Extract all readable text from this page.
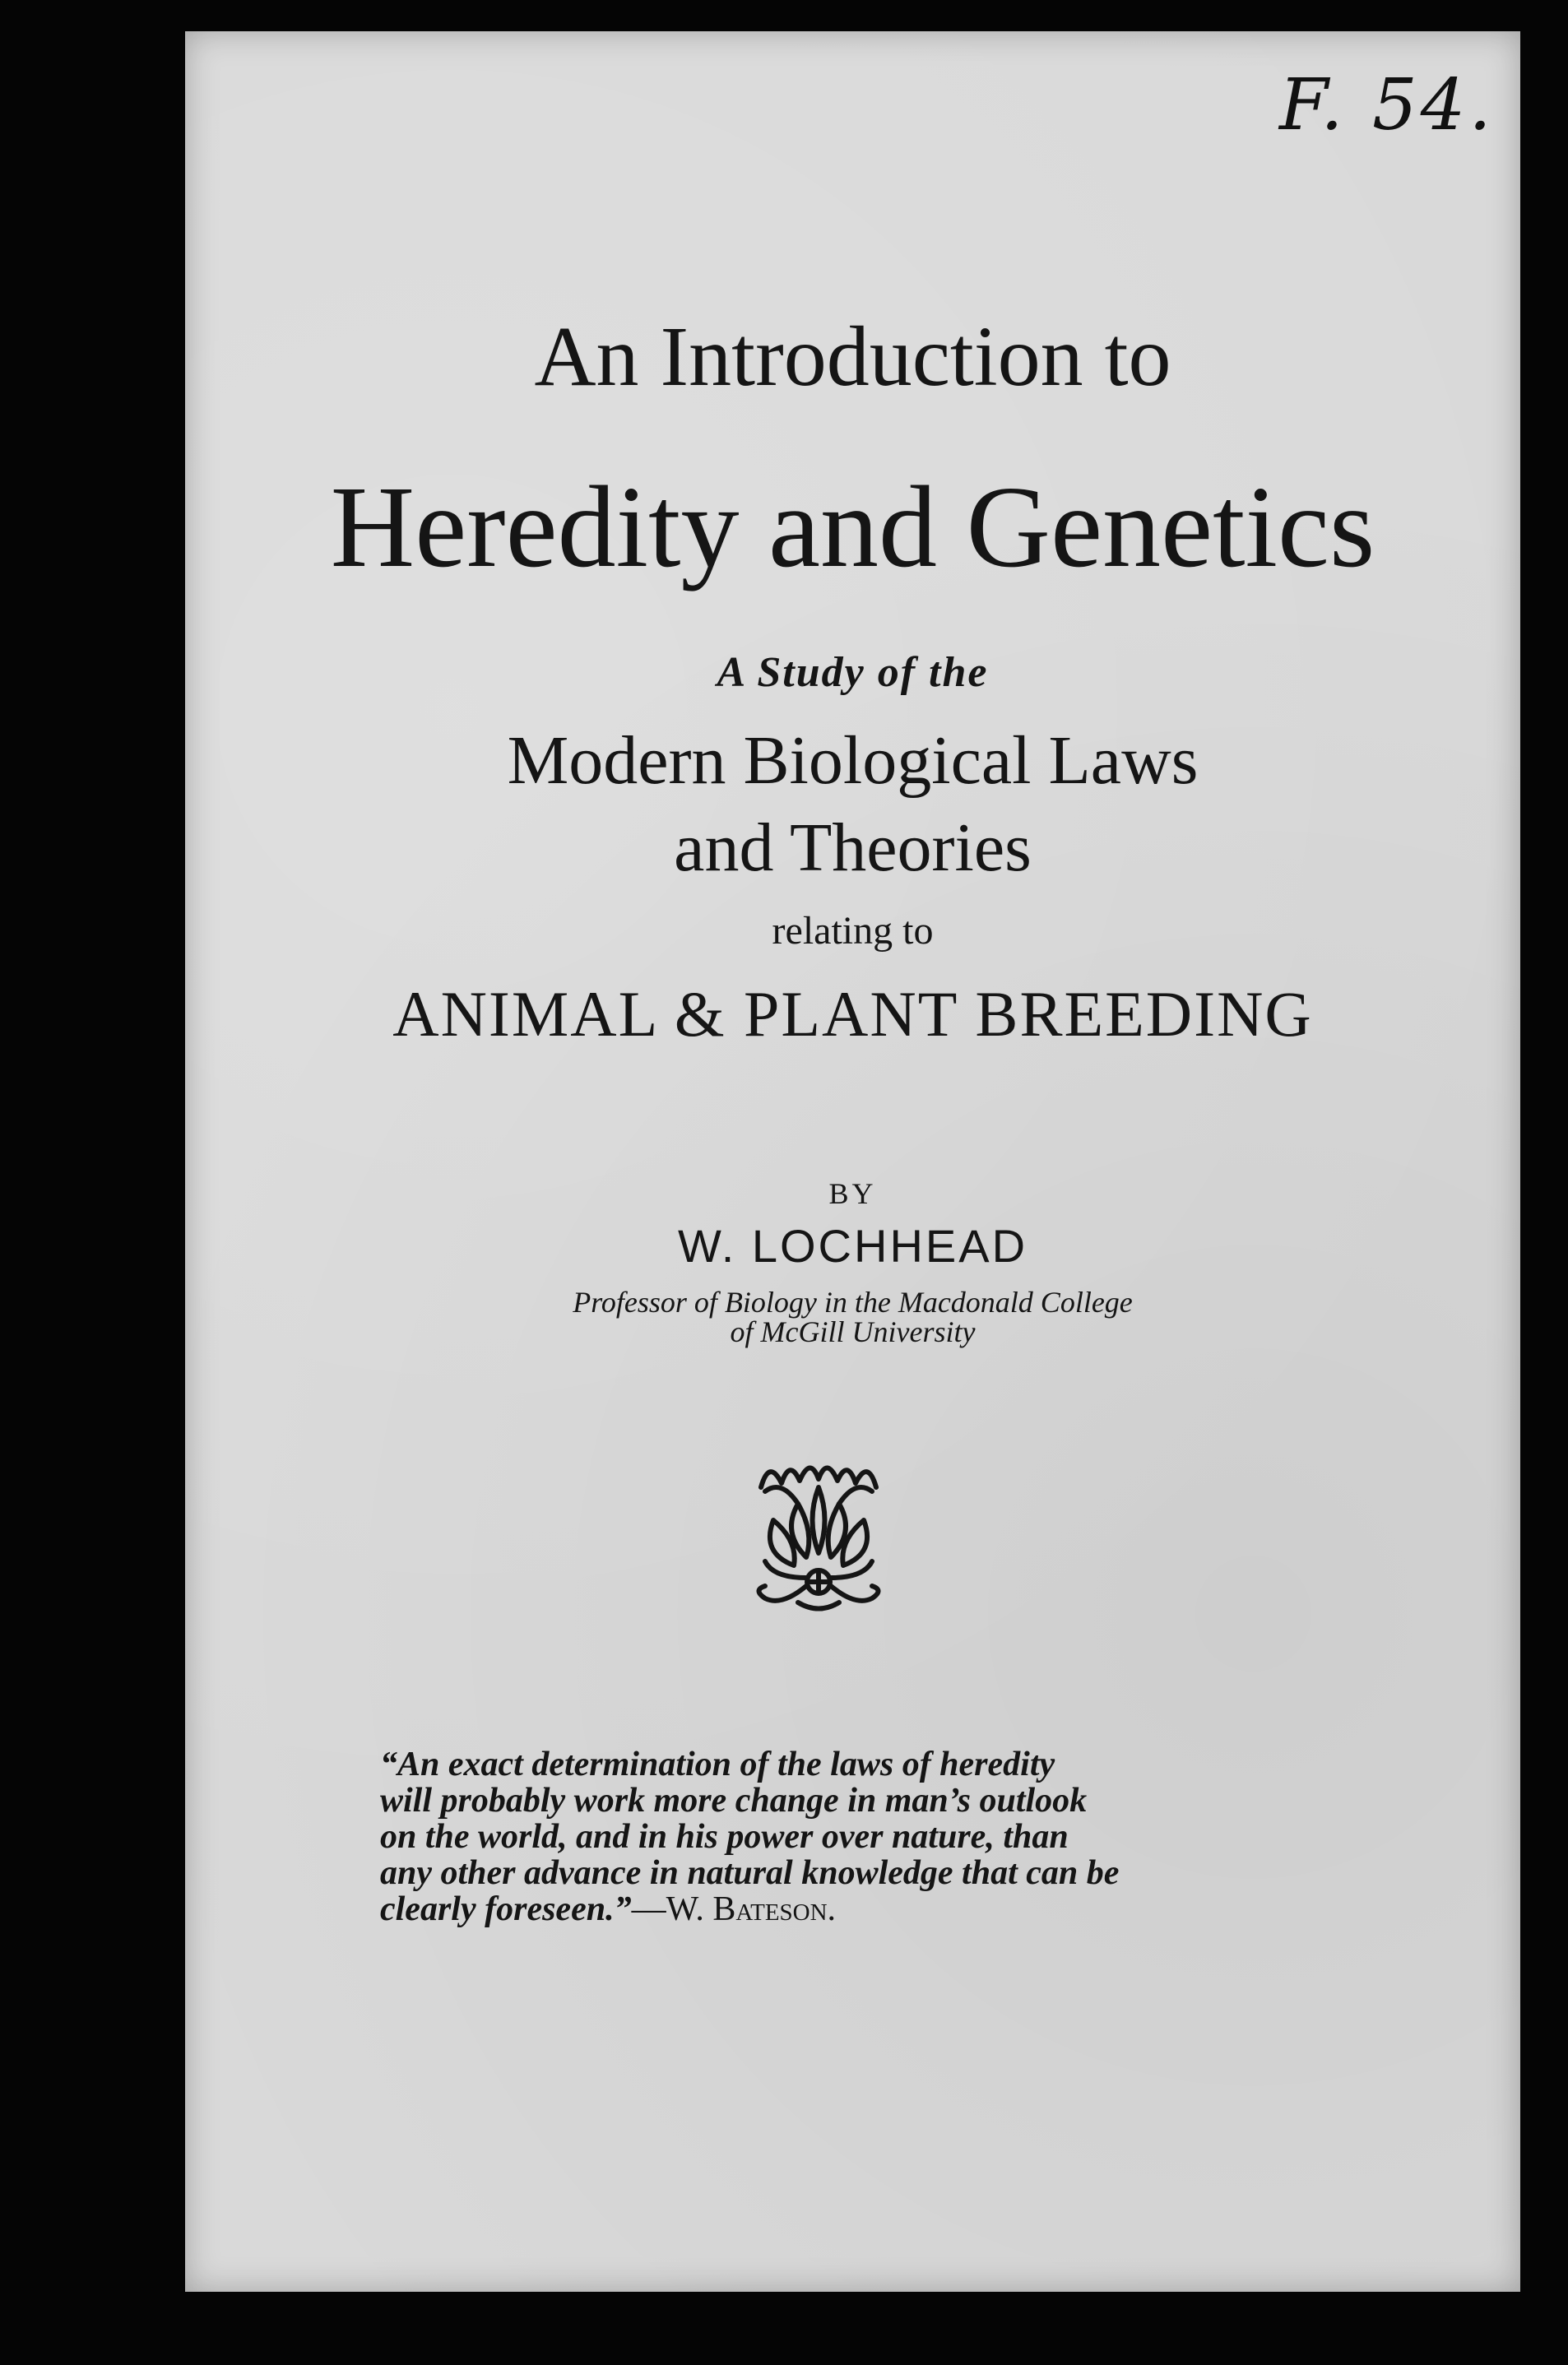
F. 54.
An Introduction to
Heredity and Genetics
A Study of the
Modern Biological Laws
and Theories
relating to
ANIMAL & PLANT BREEDING
BY
W. LOCHHEAD
Professor of Biology in the Macdonald College
of McGill University
“An exact determination of the laws of heredity
will probably work more change in man’s outlook
on the world, and in his power over nature, than
any other advance in natural knowledge that can be
clearly foreseen.”—W. Bateson.
